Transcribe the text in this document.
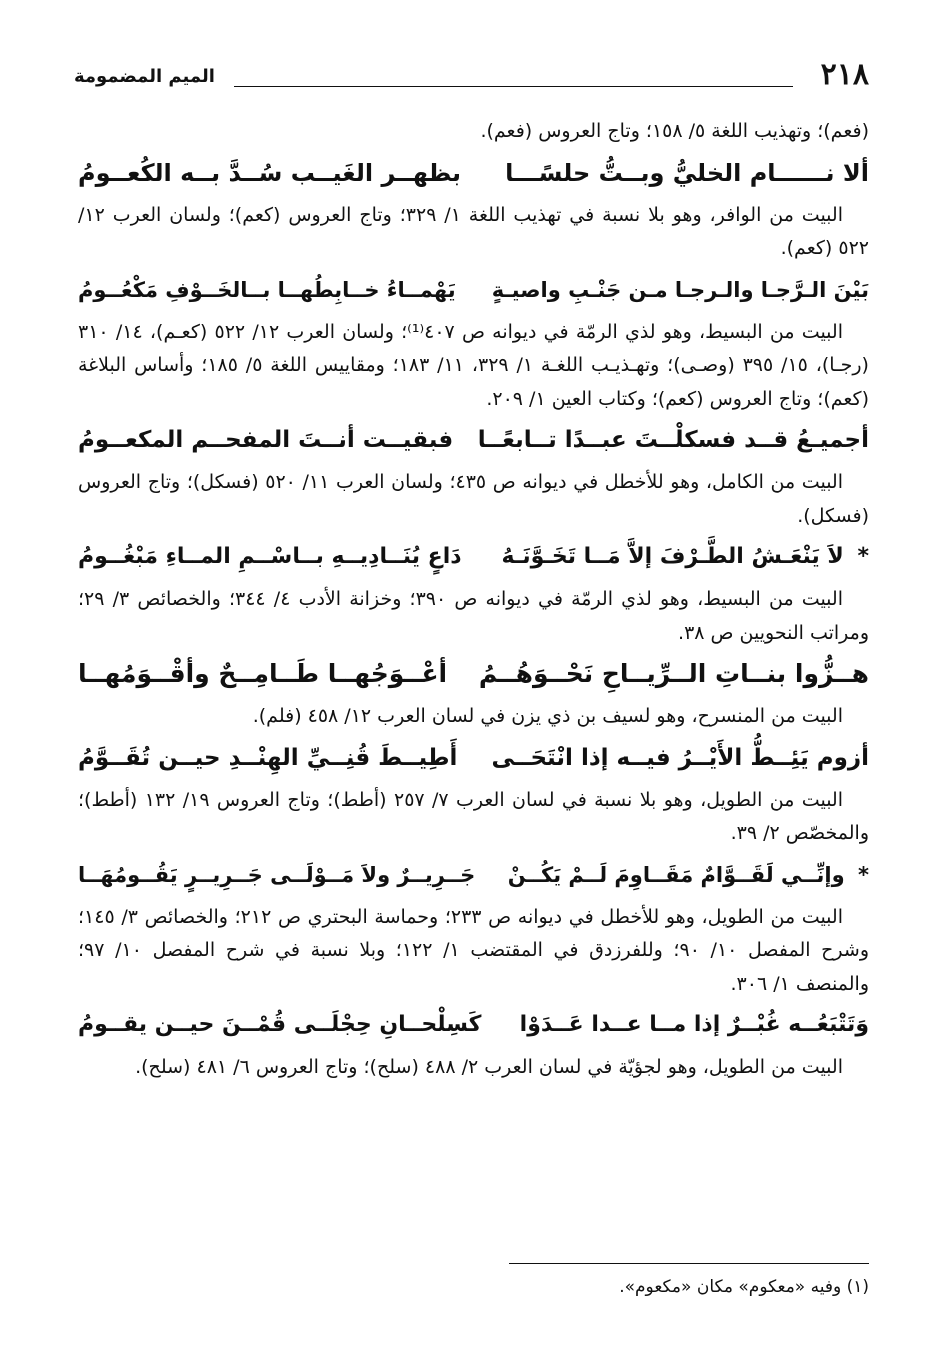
٢١٨
الميم المضمومة

(فعم)؛ وتهذيب اللغة ٥/ ١٥٨؛ وتاج العروس (فعم).

ألا نــــــام الخليُّ وبــتُّ حلسًـــا
بظهــر الغَيــب سُــدَّ بــه الكُعــومُ

البيت من الوافر، وهو بلا نسبة في تهذيب اللغة ١/ ٣٢٩؛ وتاج العروس (كعم)؛ ولسان العرب ١٢/ ٥٢٢ (كعم).

بَيْنَ الـرَّجـا والـرجـا مـن جَنْـبِ واصيـةٍ
يَهْمــاءُ خــابِطُهــا بــالخَــوْفِ مَكْعُــومُ

البيت من البسيط، وهو لذي الرمّة في ديوانه ص ٤٠٧⁽¹⁾؛ ولسان العرب ١٢/ ٥٢٢ (كعـم)، ١٤/ ٣١٠ (رجـا)، ١٥/ ٣٩٥ (وصـى)؛ وتهـذيـب اللغـة ١/ ٣٢٩، ١١/ ١٨٣؛ ومقاييس اللغة ٥/ ١٨٥؛ وأساس البلاغة (كعم)؛ وتاج العروس (كعم)؛ وكتاب العين ١/ ٢٠٩.

أجميـعُ قــد فسكلْــتَ عبــدًا تــابعًــا
فبقيــت أنــتَ المفحــم المكعــومُ

البيت من الكامل، وهو للأخطل في ديوانه ص ٤٣٥؛ ولسان العرب ١١/ ٥٢٠ (فسكل)؛ وتاج العروس (فسكل).

* لاَ يَنْعَـشُ الطَّـرْفَ إلاَّ مَــا تَخَـوَّنَـهُ
دَاعٍ يُنَــادِيــهِ بــاسْــمِ المــاءِ مَبْغُــومُ

البيت من البسيط، وهو لذي الرمّة في ديوانه ص ٣٩٠؛ وخزانة الأدب ٤/ ٣٤٤؛ والخصائص ٣/ ٢٩؛ ومراتب النحويين ص ٣٨.

هــزُّوا بنــاتِ الــرِّيــاحِ نَحْــوَهُــمُ
أعْــوَجُهــا طَــامِــحٌ وأقْــوَمُهــا

البيت من المنسرح، وهو لسيف بن ذي يزن في لسان العرب ١٢/ ٤٥٨ (فلم).

أزوم يَئِــطُّ الأَيْــرُ فيــه إذا انْتَحَــى
أَطِيــطَ قُنِــيِّ الهِنْــدِ حيــن تُقَــوَّمُ

البيت من الطويل، وهو بلا نسبة في لسان العرب ٧/ ٢٥٧ (أطط)؛ وتاج العروس ١٩/ ١٣٢ (أطط)؛ والمخصّص ٢/ ٣٩.

* وإنِّــي لَقَــوَّامٌ مَقَــاوِمَ لَــمْ يَكُــنْ
جَــرِيــرٌ ولاَ مَــوْلَــى جَــرِيــرٍ يَقُــومُهَــا

البيت من الطويل، وهو للأخطل في ديوانه ص ٢٣٣؛ وحماسة البحتري ص ٢١٢؛ والخصائص ٣/ ١٤٥؛ وشرح المفصل ١٠/ ٩٠؛ وللفرزدق في المقتضب ١/ ١٢٢؛ وبلا نسبة في شرح المفصل ١٠/ ٩٧؛ والمنصف ١/ ٣٠٦.

وَتَتْبَعُــه غُبْــرٌ إذا مــا عــدا عَــدَوْا
كَسِلْحــانِ حِجْلَــى قُمْــنَ حيــن يقــومُ

البيت من الطويل، وهو لجؤيّة في لسان العرب ٢/ ٤٨٨ (سلح)؛ وتاج العروس ٦/ ٤٨١ (سلح).

(١) وفيه «معكوم» مكان «مكعوم».
